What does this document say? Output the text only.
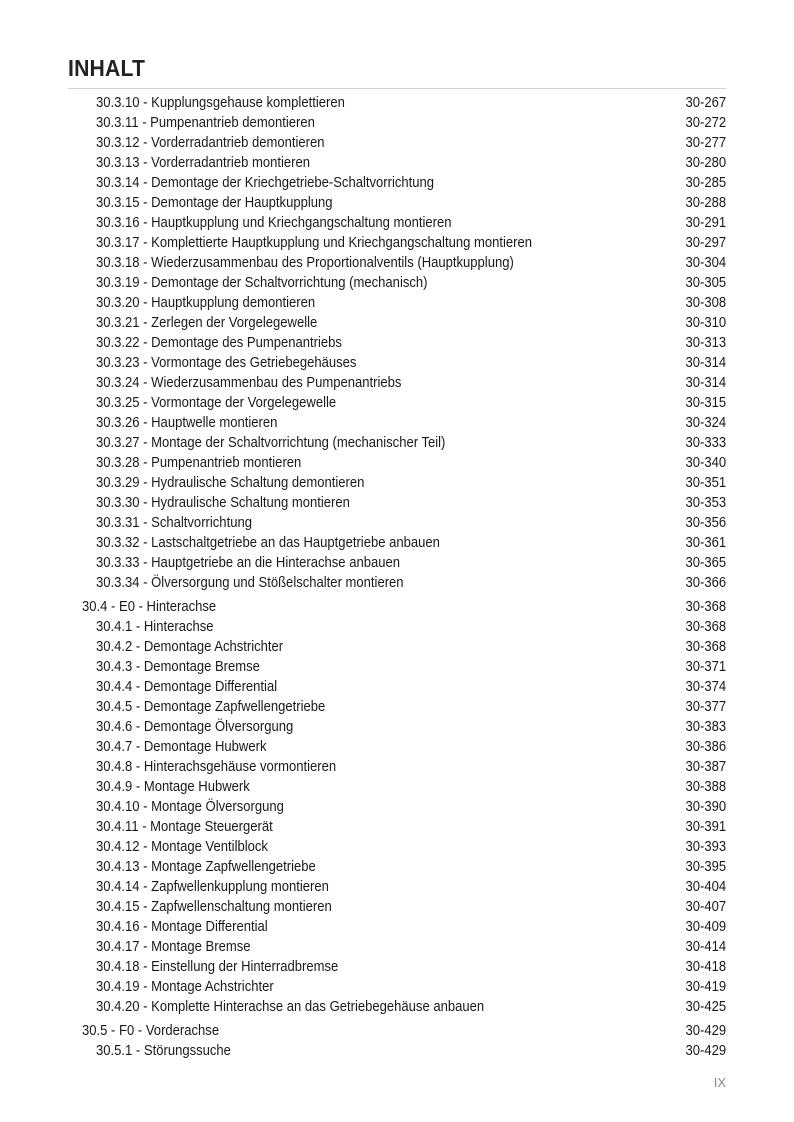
INHALT
30.3.10 - Kupplungsgehause komplettieren	30-267
30.3.11 - Pumpenantrieb demontieren	30-272
30.3.12 - Vorderradantrieb demontieren	30-277
30.3.13 - Vorderradantrieb montieren	30-280
30.3.14 - Demontage der Kriechgetriebe-Schaltvorrichtung	30-285
30.3.15 - Demontage der Hauptkupplung	30-288
30.3.16 - Hauptkupplung und Kriechgangschaltung montieren	30-291
30.3.17 - Komplettierte Hauptkupplung und Kriechgangschaltung montieren	30-297
30.3.18 - Wiederzusammenbau des Proportionalventils (Hauptkupplung)	30-304
30.3.19 - Demontage der Schaltvorrichtung (mechanisch)	30-305
30.3.20 - Hauptkupplung demontieren	30-308
30.3.21 - Zerlegen der Vorgelegewelle	30-310
30.3.22 - Demontage des Pumpenantriebs	30-313
30.3.23 - Vormontage des Getriebegehäuses	30-314
30.3.24 - Wiederzusammenbau des Pumpenantriebs	30-314
30.3.25 - Vormontage der Vorgelegewelle	30-315
30.3.26 - Hauptwelle montieren	30-324
30.3.27 - Montage der Schaltvorrichtung (mechanischer Teil)	30-333
30.3.28 - Pumpenantrieb montieren	30-340
30.3.29 - Hydraulische Schaltung demontieren	30-351
30.3.30 - Hydraulische Schaltung montieren	30-353
30.3.31 - Schaltvorrichtung	30-356
30.3.32 - Lastschaltgetriebe an das Hauptgetriebe anbauen	30-361
30.3.33 - Hauptgetriebe an die Hinterachse anbauen	30-365
30.3.34 - Ölversorgung und Stößelschalter montieren	30-366
30.4 - E0 - Hinterachse	30-368
30.4.1 - Hinterachse	30-368
30.4.2 - Demontage Achstrichter	30-368
30.4.3 - Demontage Bremse	30-371
30.4.4 - Demontage Differential	30-374
30.4.5 - Demontage Zapfwellengetriebe	30-377
30.4.6 - Demontage Ölversorgung	30-383
30.4.7 - Demontage Hubwerk	30-386
30.4.8 - Hinterachsgehäuse vormontieren	30-387
30.4.9 - Montage Hubwerk	30-388
30.4.10 - Montage Ölversorgung	30-390
30.4.11 - Montage Steuergerät	30-391
30.4.12 - Montage Ventilblock	30-393
30.4.13 - Montage Zapfwellengetriebe	30-395
30.4.14 - Zapfwellenkupplung montieren	30-404
30.4.15 - Zapfwellenschaltung montieren	30-407
30.4.16 - Montage Differential	30-409
30.4.17 - Montage Bremse	30-414
30.4.18 - Einstellung der Hinterradbremse	30-418
30.4.19 - Montage Achstrichter	30-419
30.4.20 - Komplette Hinterachse an das Getriebegehäuse anbauen	30-425
30.5 - F0 - Vorderachse	30-429
30.5.1 - Störungssuche	30-429
IX
